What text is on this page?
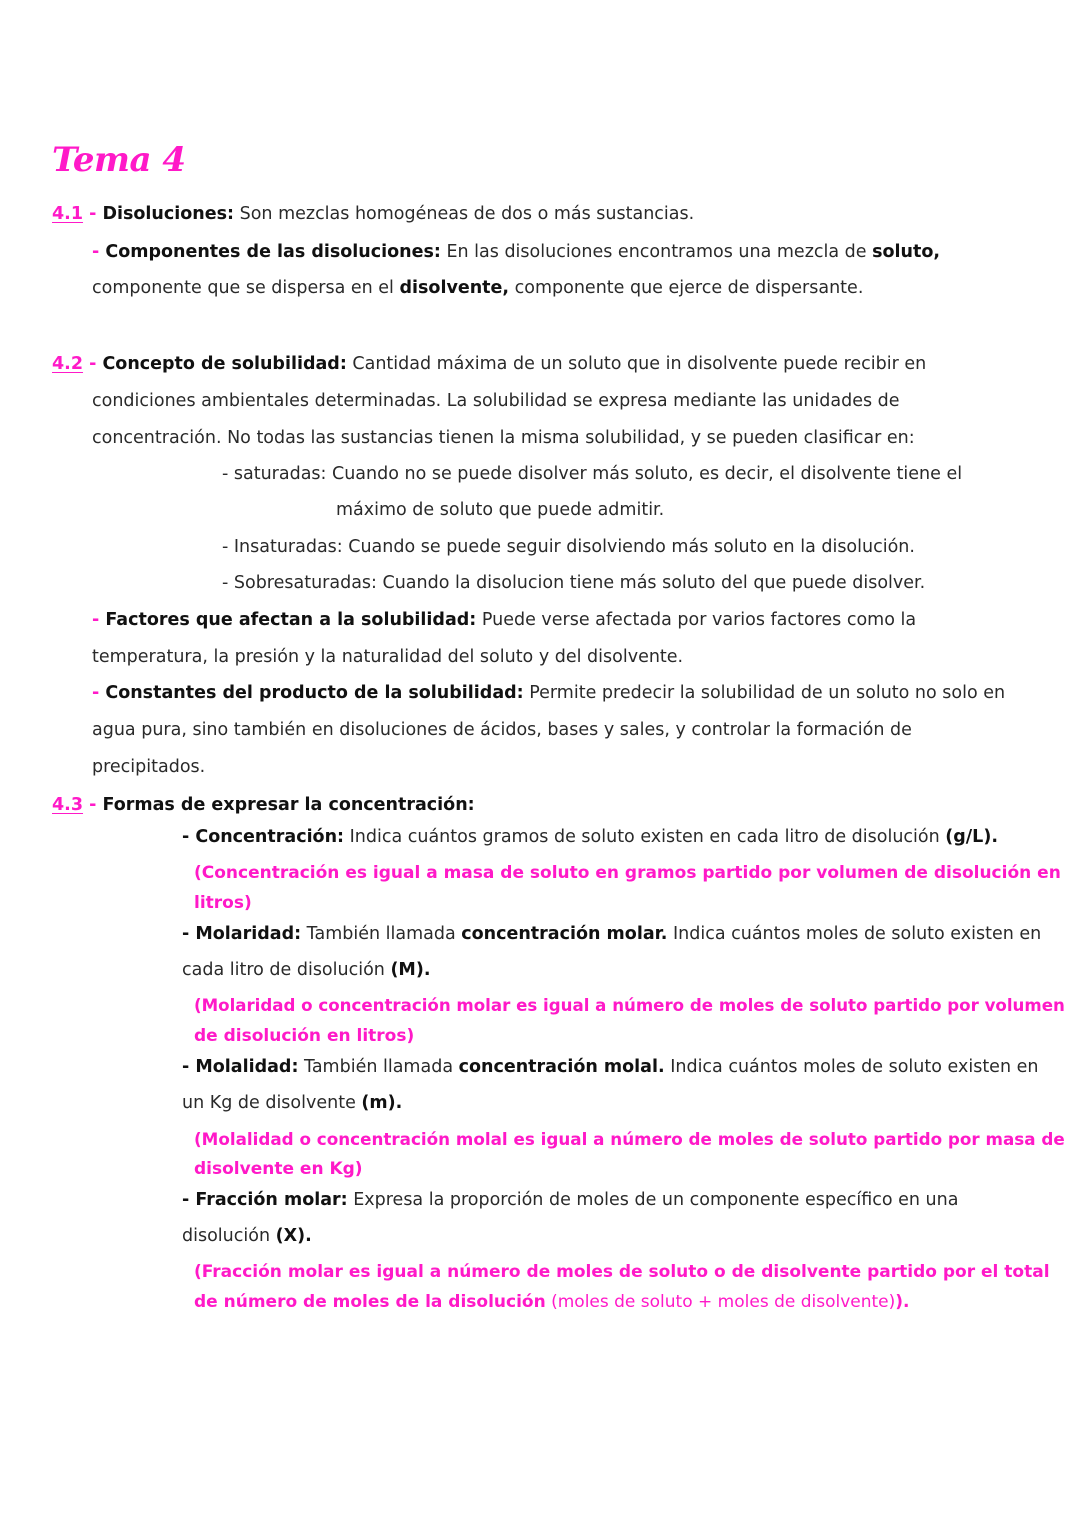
Tema 4
4.1 - Disoluciones: Son mezclas homogéneas de dos o más sustancias.
- Componentes de las disoluciones: En las disoluciones encontramos una mezcla de soluto,
componente que se dispersa en el disolvente, componente que ejerce de dispersante.
4.2 - Concepto de solubilidad: Cantidad máxima de un soluto que in disolvente puede recibir en
condiciones ambientales determinadas. La solubilidad se expresa mediante las unidades de
concentración. No todas las sustancias tienen la misma solubilidad, y se pueden clasificar en:
- saturadas: Cuando no se puede disolver más soluto, es decir, el disolvente tiene el
máximo de soluto que puede admitir.
- Insaturadas: Cuando se puede seguir disolviendo más soluto en la disolución.
- Sobresaturadas: Cuando la disolucion tiene más soluto del que puede disolver.
- Factores que afectan a la solubilidad: Puede verse afectada por varios factores como la
temperatura, la presión y la naturalidad del soluto y del disolvente.
- Constantes del producto de la solubilidad: Permite predecir la solubilidad de un soluto no solo en
agua pura, sino también en disoluciones de ácidos, bases y sales, y controlar la formación de
precipitados.
4.3 - Formas de expresar la concentración:
- Concentración: Indica cuántos gramos de soluto existen en cada litro de disolución (g/L).
(Concentración es igual a masa de soluto en gramos partido por volumen de disolución en
litros)
- Molaridad: También llamada concentración molar. Indica cuántos moles de soluto existen en
cada litro de disolución (M).
(Molaridad o concentración molar es igual a número de moles de soluto partido por volumen
de disolución en litros)
- Molalidad: También llamada concentración molal. Indica cuántos moles de soluto existen en
un Kg de disolvente (m).
(Molalidad o concentración molal es igual a número de moles de soluto partido por masa de
disolvente en Kg)
- Fracción molar: Expresa la proporción de moles de un componente específico en una
disolución (X).
(Fracción molar es igual a número de moles de soluto o de disolvente partido por el total
de número de moles de la disolución (moles de soluto + moles de disolvente)).
